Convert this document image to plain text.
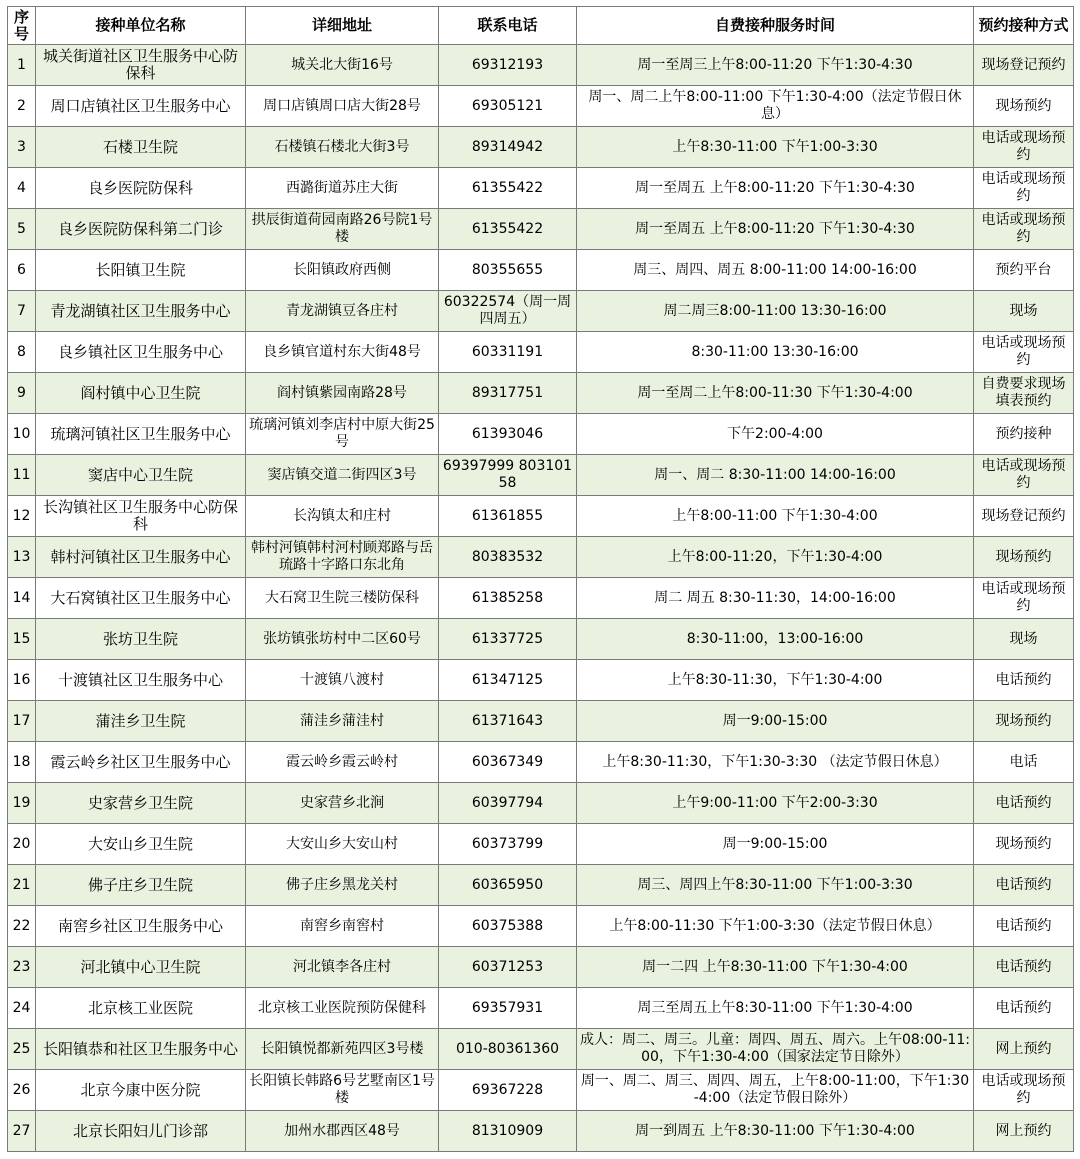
序号	接种单位名称	详细地址	联系电话	自费接种服务时间	预约接种方式
1	城关街道社区卫生服务中心防保科	城关北大街16号	69312193	周一至周三上午8:00-11:20 下午1:30-4:30	现场登记预约
2	周口店镇社区卫生服务中心	周口店镇周口店大街28号	69305121	周一、周二上午8:00-11:00 下午1:30-4:00（法定节假日休息）	现场预约
3	石楼卫生院	石楼镇石楼北大街3号	89314942	上午8:30-11:00 下午1:00-3:30	电话或现场预约
4	良乡医院防保科	西潞街道苏庄大街	61355422	周一至周五 上午8:00-11:20 下午1:30-4:30	电话或现场预约
5	良乡医院防保科第二门诊	拱辰街道荷园南路26号院1号楼	61355422	周一至周五 上午8:00-11:20 下午1:30-4:30	电话或现场预约
6	长阳镇卫生院	长阳镇政府西侧	80355655	周三、周四、周五 8:00-11:00 14:00-16:00	预约平台
7	青龙湖镇社区卫生服务中心	青龙湖镇豆各庄村	60322574（周一周四周五）	周二周三8:00-11:00 13:30-16:00	现场
8	良乡镇社区卫生服务中心	良乡镇官道村东大街48号	60331191	8:30-11:00 13:30-16:00	电话或现场预约
9	阎村镇中心卫生院	阎村镇紫园南路28号	89317751	周一至周二上午8:00-11:30 下午1:30-4:00	自费要求现场填表预约
10	琉璃河镇社区卫生服务中心	琉璃河镇刘李店村中原大街25号	61393046	下午2:00-4:00	预约接种
11	窦店中心卫生院	窦店镇交道二街四区3号	69397999 80310158	周一、周二 8:30-11:00 14:00-16:00	电话或现场预约
12	长沟镇社区卫生服务中心防保科	长沟镇太和庄村	61361855	上午8:00-11:00 下午1:30-4:00	现场登记预约
13	韩村河镇社区卫生服务中心	韩村河镇韩村河村顾郑路与岳琉路十字路口东北角	80383532	上午8:00-11:20，下午1:30-4:00	现场预约
14	大石窝镇社区卫生服务中心	大石窝卫生院三楼防保科	61385258	周二 周五 8:30-11:30，14:00-16:00	电话或现场预约
15	张坊卫生院	张坊镇张坊村中二区60号	61337725	8:30-11:00，13:00-16:00	现场
16	十渡镇社区卫生服务中心	十渡镇八渡村	61347125	上午8:30-11:30，下午1:30-4:00	电话预约
17	蒲洼乡卫生院	蒲洼乡蒲洼村	61371643	周一9:00-15:00	现场预约
18	霞云岭乡社区卫生服务中心	霞云岭乡霞云岭村	60367349	上午8:30-11:30，下午1:30-3:30 （法定节假日休息）	电话
19	史家营乡卫生院	史家营乡北涧	60397794	上午9:00-11:00 下午2:00-3:30	电话预约
20	大安山乡卫生院	大安山乡大安山村	60373799	周一9:00-15:00	现场预约
21	佛子庄乡卫生院	佛子庄乡黑龙关村	60365950	周三、周四上午8:30-11:00 下午1:00-3:30	电话预约
22	南窖乡社区卫生服务中心	南窖乡南窖村	60375388	上午8:00-11:30 下午1:00-3:30（法定节假日休息）	电话预约
23	河北镇中心卫生院	河北镇李各庄村	60371253	周一二四 上午8:30-11:00 下午1:30-4:00	电话预约
24	北京核工业医院	北京核工业医院预防保健科	69357931	周三至周五上午8:30-11:00 下午1:30-4:00	电话预约
25	长阳镇恭和社区卫生服务中心	长阳镇悦都新苑四区3号楼	010-80361360	成人：周二、周三。儿童：周四、周五、周六。上午08:00-11:00，下午1:30-4:00（国家法定节日除外）	网上预约
26	北京今康中医分院	长阳镇长韩路6号艺墅南区1号楼	69367228	周一、周二、周三、周四、周五，上午8:00-11:00，下午1:30-4:00（法定节假日除外）	电话或现场预约
27	北京长阳妇儿门诊部	加州水郡西区48号	81310909	周一到周五 上午8:30-11:00 下午1:30-4:00	网上预约
